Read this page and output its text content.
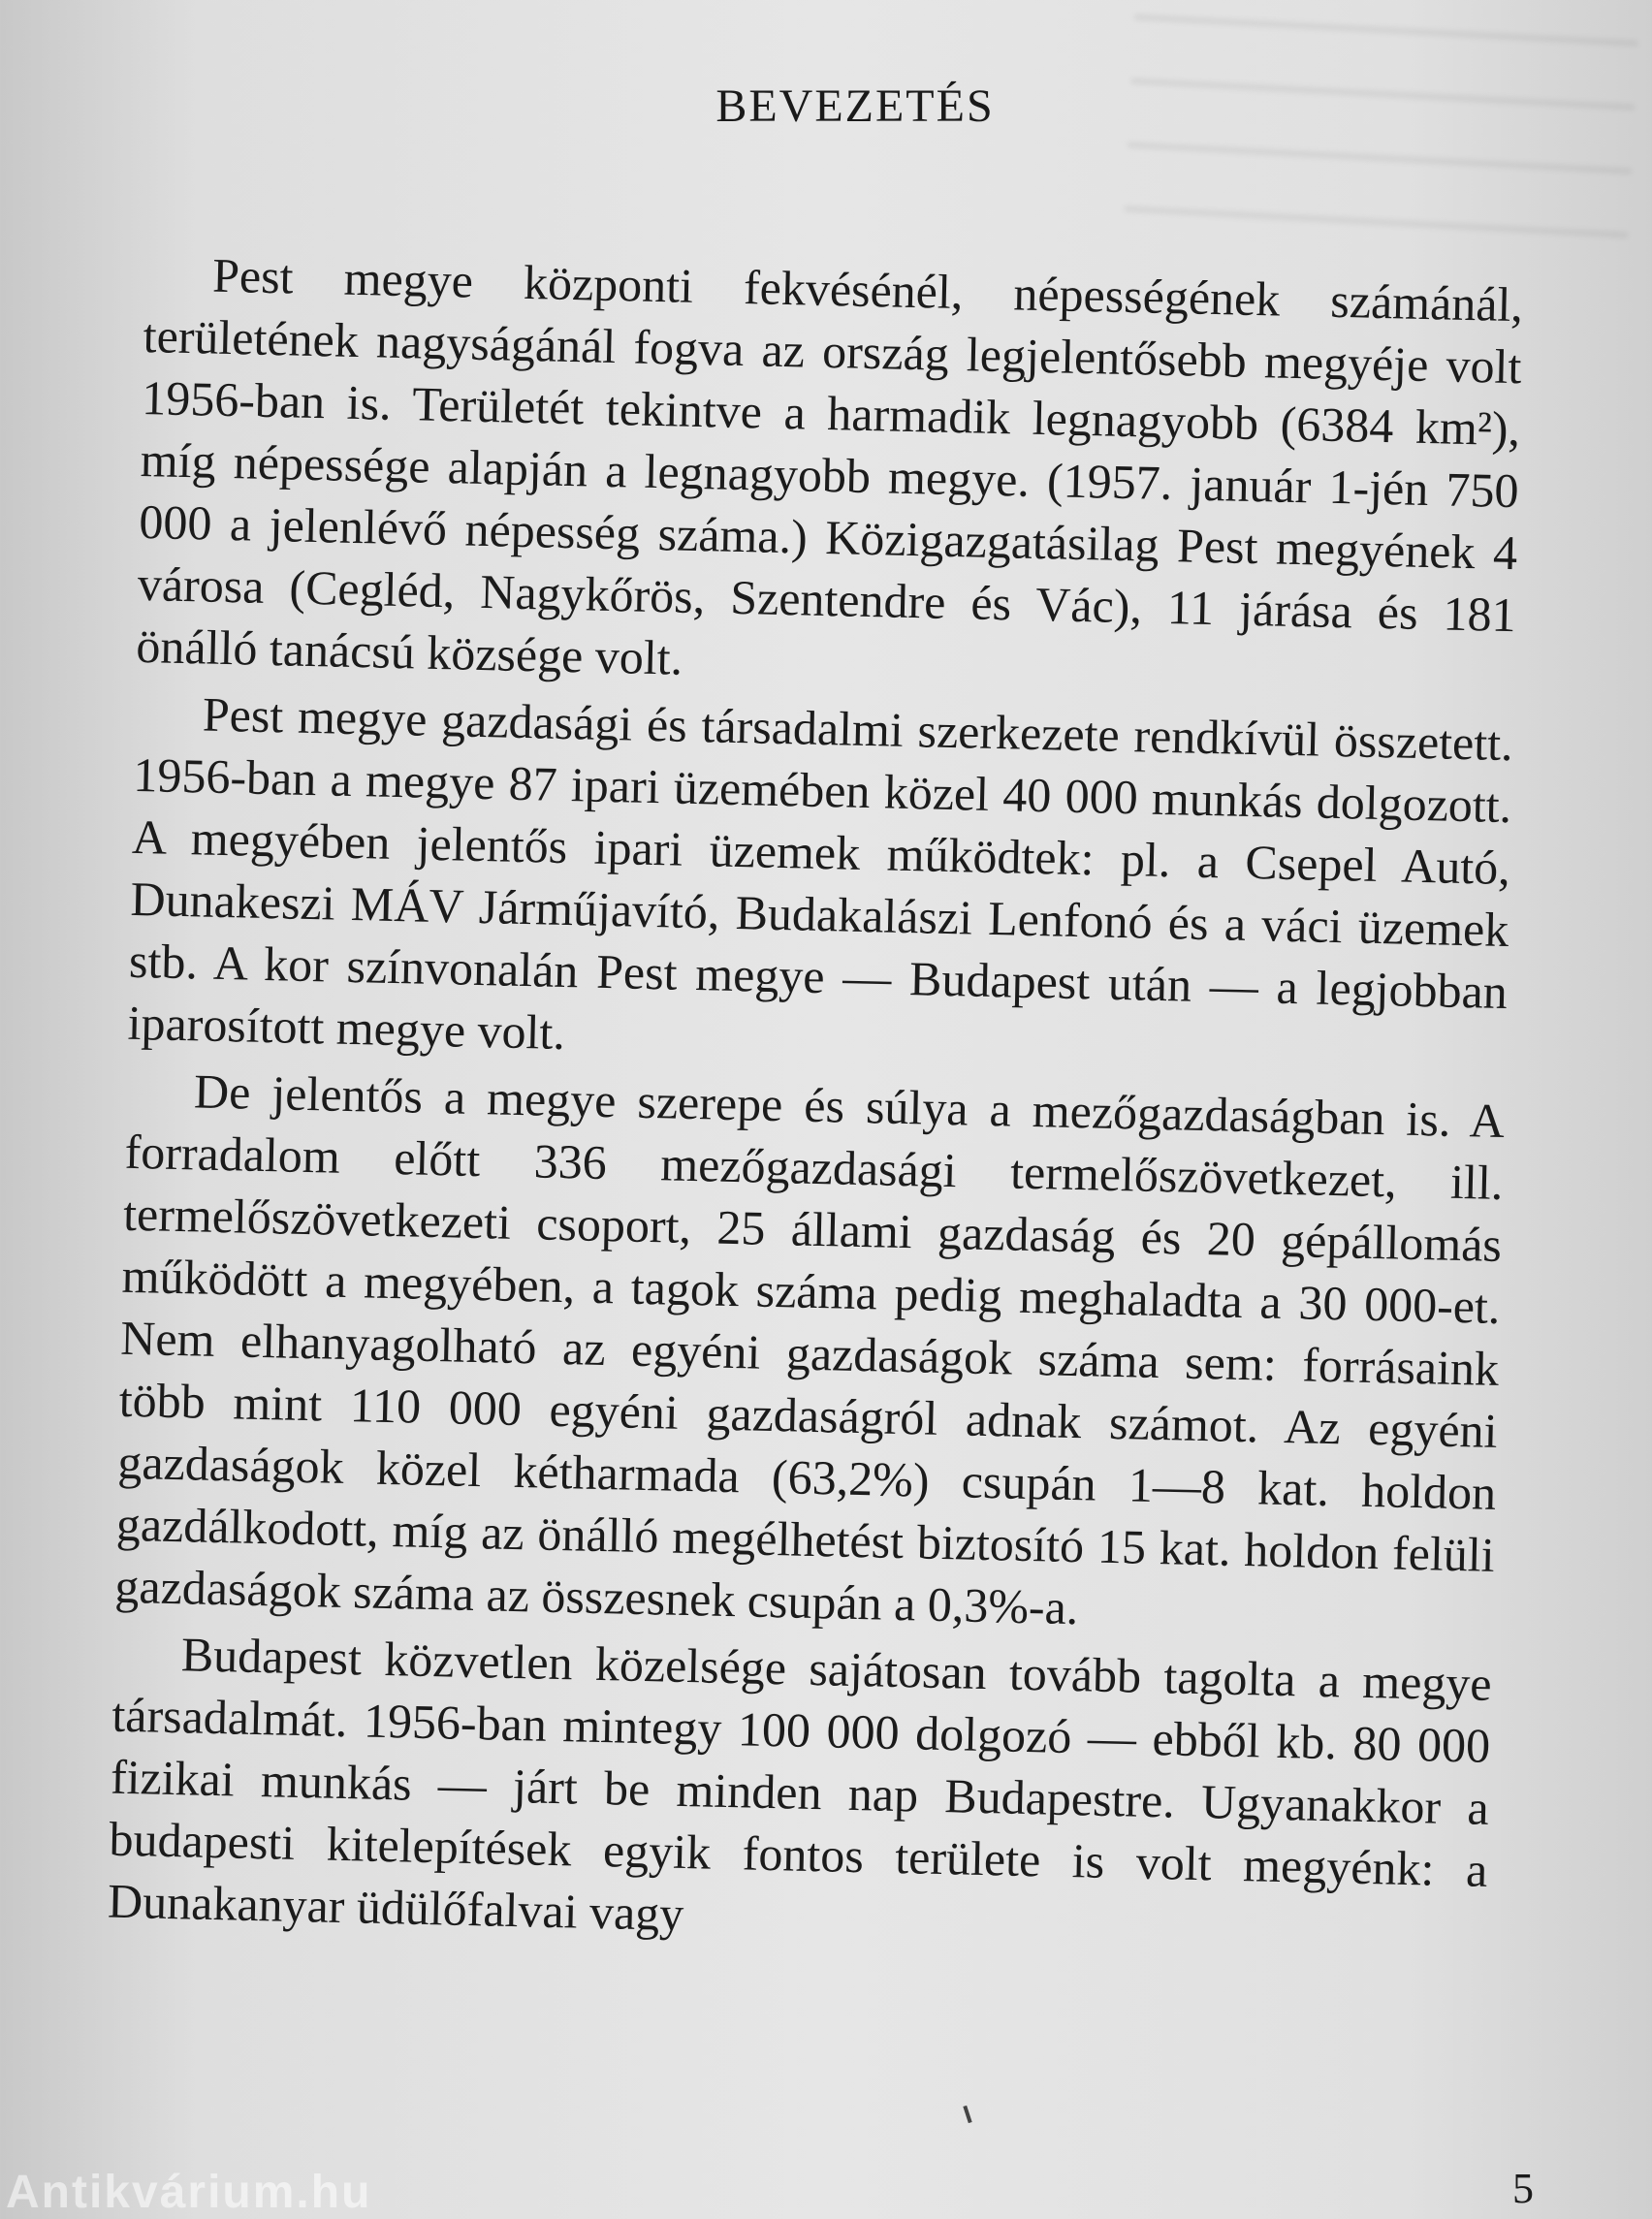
BEVEZETÉS

Pest megye központi fekvésénél, népességének számánál, területének nagyságánál fogva az ország legjelentősebb megyéje volt 1956-ban is. Területét tekintve a harmadik legnagyobb (6384 km²), míg népessége alapján a legnagyobb megye. (1957. január 1-jén 750 000 a jelenlévő népesség száma.) Közigazgatásilag Pest megyének 4 városa (Cegléd, Nagykőrös, Szentendre és Vác), 11 járása és 181 önálló tanácsú községe volt.

Pest megye gazdasági és társadalmi szerkezete rendkívül összetett. 1956-ban a megye 87 ipari üzemében közel 40 000 munkás dolgozott. A megyében jelentős ipari üzemek működtek: pl. a Csepel Autó, Dunakeszi MÁV Járműjavító, Budakalászi Lenfonó és a váci üzemek stb. A kor színvonalán Pest megye — Budapest után — a legjobban iparosított megye volt.

De jelentős a megye szerepe és súlya a mezőgazdaságban is. A forradalom előtt 336 mezőgazdasági termelőszövetkezet, ill. termelőszövetkezeti csoport, 25 állami gazdaság és 20 gépállomás működött a megyében, a tagok száma pedig meghaladta a 30 000-et. Nem elhanyagolható az egyéni gazdaságok száma sem: forrásaink több mint 110 000 egyéni gazdaságról adnak számot. Az egyéni gazdaságok közel kétharmada (63,2%) csupán 1—8 kat. holdon gazdálkodott, míg az önálló megélhetést biztosító 15 kat. holdon felüli gazdaságok száma az összesnek csupán a 0,3%-a.

Budapest közvetlen közelsége sajátosan tovább tagolta a megye társadalmát. 1956-ban mintegy 100 000 dolgozó — ebből kb. 80 000 fizikai munkás — járt be minden nap Budapestre. Ugyanakkor a budapesti kitelepítések egyik fontos területe is volt megyénk: a Dunakanyar üdülőfalvai vagy

Antikvárium.hu	5
